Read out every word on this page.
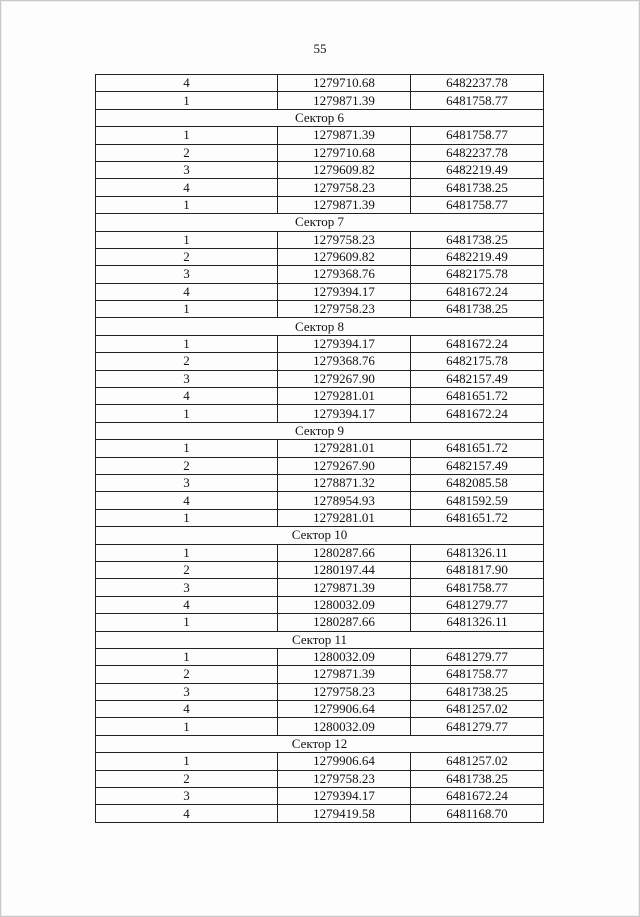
55
4	1279710.68	6482237.78
1	1279871.39	6481758.77
Сектор 6		
1	1279871.39	6481758.77
2	1279710.68	6482237.78
3	1279609.82	6482219.49
4	1279758.23	6481738.25
1	1279871.39	6481758.77
Сектор 7		
1	1279758.23	6481738.25
2	1279609.82	6482219.49
3	1279368.76	6482175.78
4	1279394.17	6481672.24
1	1279758.23	6481738.25
Сектор 8		
1	1279394.17	6481672.24
2	1279368.76	6482175.78
3	1279267.90	6482157.49
4	1279281.01	6481651.72
1	1279394.17	6481672.24
Сектор 9		
1	1279281.01	6481651.72
2	1279267.90	6482157.49
3	1278871.32	6482085.58
4	1278954.93	6481592.59
1	1279281.01	6481651.72
Сектор 10		
1	1280287.66	6481326.11
2	1280197.44	6481817.90
3	1279871.39	6481758.77
4	1280032.09	6481279.77
1	1280287.66	6481326.11
Сектор 11		
1	1280032.09	6481279.77
2	1279871.39	6481758.77
3	1279758.23	6481738.25
4	1279906.64	6481257.02
1	1280032.09	6481279.77
Сектор 12		
1	1279906.64	6481257.02
2	1279758.23	6481738.25
3	1279394.17	6481672.24
4	1279419.58	6481168.70
